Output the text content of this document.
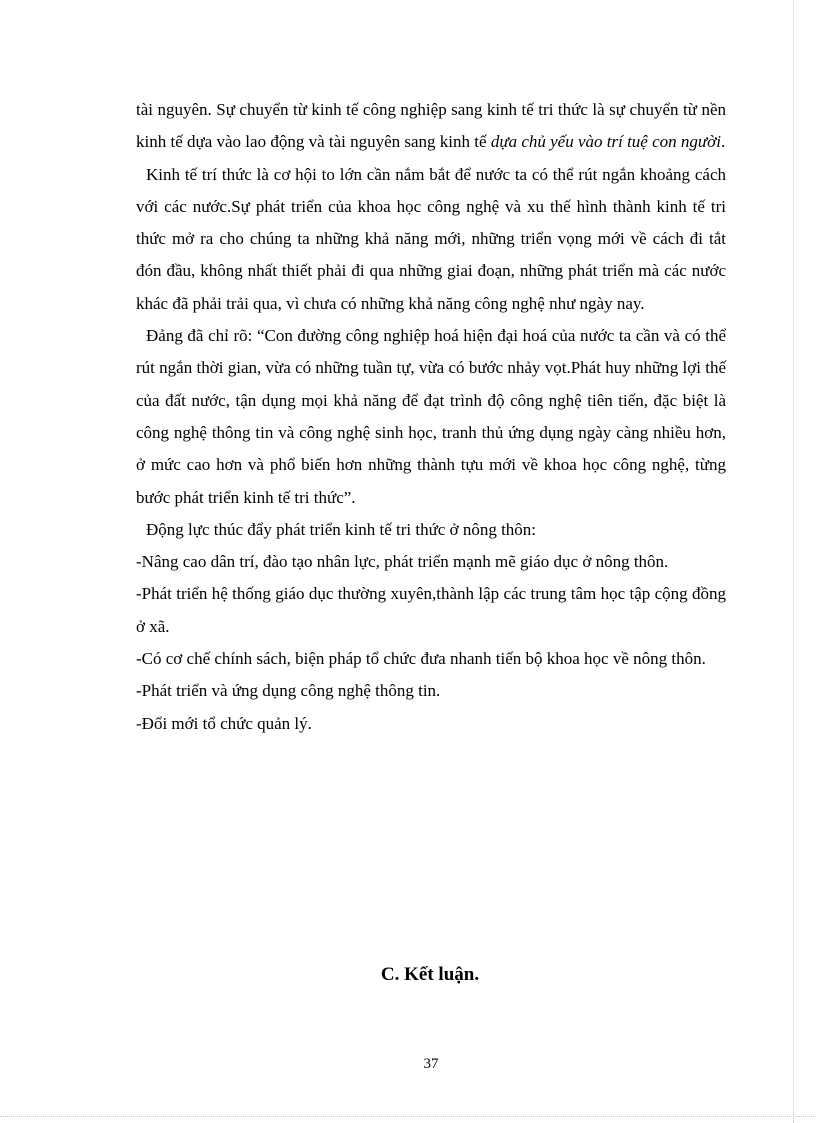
tài nguyên. Sự chuyển từ kinh tế công nghiệp sang kinh tế tri thức là sự chuyển từ nền kinh tế dựa vào lao động và tài nguyên sang kinh tế dựa chủ yếu vào trí tuệ con người.

Kinh tế trí thức là cơ hội to lớn cần nắm bắt để nước ta có thể rút ngắn khoảng cách với các nước.Sự phát triển của khoa học công nghệ và xu thế hình thành kinh tế tri thức mở ra cho chúng ta những khả năng mới, những triển vọng mới về cách đi tắt đón đầu, không nhất thiết phải đi qua những giai đoạn, những phát triển mà các nước khác đã phải trải qua, vì chưa có những khả năng công nghệ như ngày nay.

Đảng đã chỉ rõ: “Con đường công nghiệp hoá hiện đại hoá của nước ta cần và có thể rút ngắn thời gian, vừa có những tuần tự, vừa có bước nhảy vọt.Phát huy những lợi thế của đất nước, tận dụng mọi khả năng để đạt trình độ công nghệ tiên tiến, đặc biệt là công nghệ thông tin và công nghệ sinh học, tranh thủ ứng dụng ngày càng nhiều hơn, ở mức cao hơn và phổ biến hơn những thành tựu mới về khoa học công nghệ, từng bước phát triển kinh tế tri thức”.

Động lực thúc đẩy phát triển kinh tế tri thức ở nông thôn:

-Nâng cao dân trí, đào tạo nhân lực, phát triển mạnh mẽ giáo dục ở nông thôn.

-Phát triển hệ thống giáo dục thường xuyên,thành lập các trung tâm học tập cộng đồng ở xã.

-Có cơ chế chính sách, biện pháp tổ chức đưa nhanh tiến bộ khoa học về nông thôn.

-Phát triển và ứng dụng công nghệ thông tin.

-Đổi mới tổ chức quản lý.

C. Kết luận.
37
